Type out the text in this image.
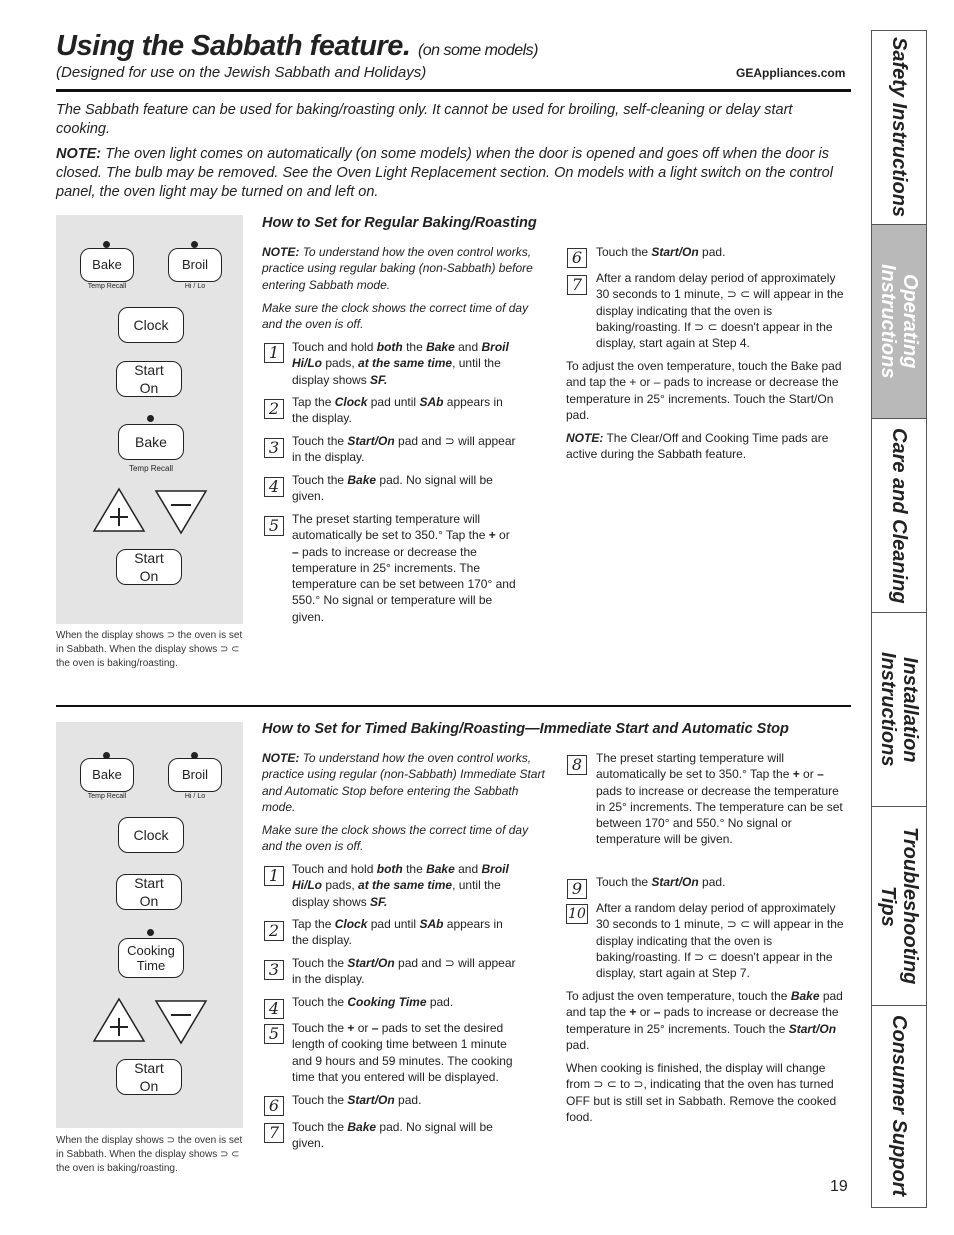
Using the Sabbath feature. (on some models)
(Designed for use on the Jewish Sabbath and Holidays)	GEAppliances.com
The Sabbath feature can be used for baking/roasting only. It cannot be used for broiling, self-cleaning or delay start cooking.
NOTE: The oven light comes on automatically (on some models) when the door is opened and goes off when the door is closed. The bulb may be removed. See the Oven Light Replacement section. On models with a light switch on the control panel, the oven light may be turned on and left on.
Bake
Temp Recall
Broil
Hi / Lo
Clock
Start
On
Bake
Temp Recall
Start
On
When the display shows ⊃ the oven is set in Sabbath. When the display shows ⊃ ⊂ the oven is baking/roasting.
How to Set for Regular Baking/Roasting
NOTE: To understand how the oven control works, practice using regular baking (non-Sabbath) before entering Sabbath mode.
Make sure the clock shows the correct time of day and the oven is off.
1	Touch and hold both the Bake and Broil Hi/Lo pads, at the same time, until the display shows SF.
2	Tap the Clock pad until SAb appears in the display.
3	Touch the Start/On pad and ⊃ will appear in the display.
4	Touch the Bake pad. No signal will be given.
5	The preset starting temperature will automatically be set to 350.° Tap the + or – pads to increase or decrease the temperature in 25° increments. The temperature can be set between 170° and 550.° No signal or temperature will be given.
6	Touch the Start/On pad.
7	After a random delay period of approximately 30 seconds to 1 minute, ⊃ ⊂ will appear in the display indicating that the oven is baking/roasting. If ⊃ ⊂ doesn't appear in the display, start again at Step 4.
To adjust the oven temperature, touch the Bake pad and tap the + or – pads to increase or decrease the temperature in 25° increments. Touch the Start/On pad.
NOTE: The Clear/Off and Cooking Time pads are active during the Sabbath feature.
Bake
Temp Recall
Broil
Hi / Lo
Clock
Start
On
Cooking
Time
Start
On
When the display shows ⊃ the oven is set in Sabbath. When the display shows ⊃ ⊂ the oven is baking/roasting.
How to Set for Timed Baking/Roasting—Immediate Start and Automatic Stop
NOTE: To understand how the oven control works, practice using regular (non-Sabbath) Immediate Start and Automatic Stop before entering the Sabbath mode.
Make sure the clock shows the correct time of day and the oven is off.
1	Touch and hold both the Bake and Broil Hi/Lo pads, at the same time, until the display shows SF.
2	Tap the Clock pad until SAb appears in the display.
3	Touch the Start/On pad and ⊃ will appear in the display.
4	Touch the Cooking Time pad.
5	Touch the + or – pads to set the desired length of cooking time between 1 minute and 9 hours and 59 minutes. The cooking time that you entered will be displayed.
6	Touch the Start/On pad.
7	Touch the Bake pad. No signal will be given.
8	The preset starting temperature will automatically be set to 350.° Tap the + or – pads to increase or decrease the temperature in 25° increments. The temperature can be set between 170° and 550.° No signal or temperature will be given.
9	Touch the Start/On pad.
10 After a random delay period of approximately 30 seconds to 1 minute, ⊃ ⊂ will appear in the display indicating that the oven is baking/roasting. If ⊃ ⊂ doesn't appear in the display, start again at Step 7.
To adjust the oven temperature, touch the Bake pad and tap the + or – pads to increase or decrease the temperature in 25° increments. Touch the Start/On pad.
When cooking is finished, the display will change from ⊃ ⊂ to ⊃, indicating that the oven has turned OFF but is still set in Sabbath. Remove the cooked food.
Safety Instructions
Operating Instructions
Care and Cleaning
Installation Instructions
Troubleshooting Tips
Consumer Support
19
